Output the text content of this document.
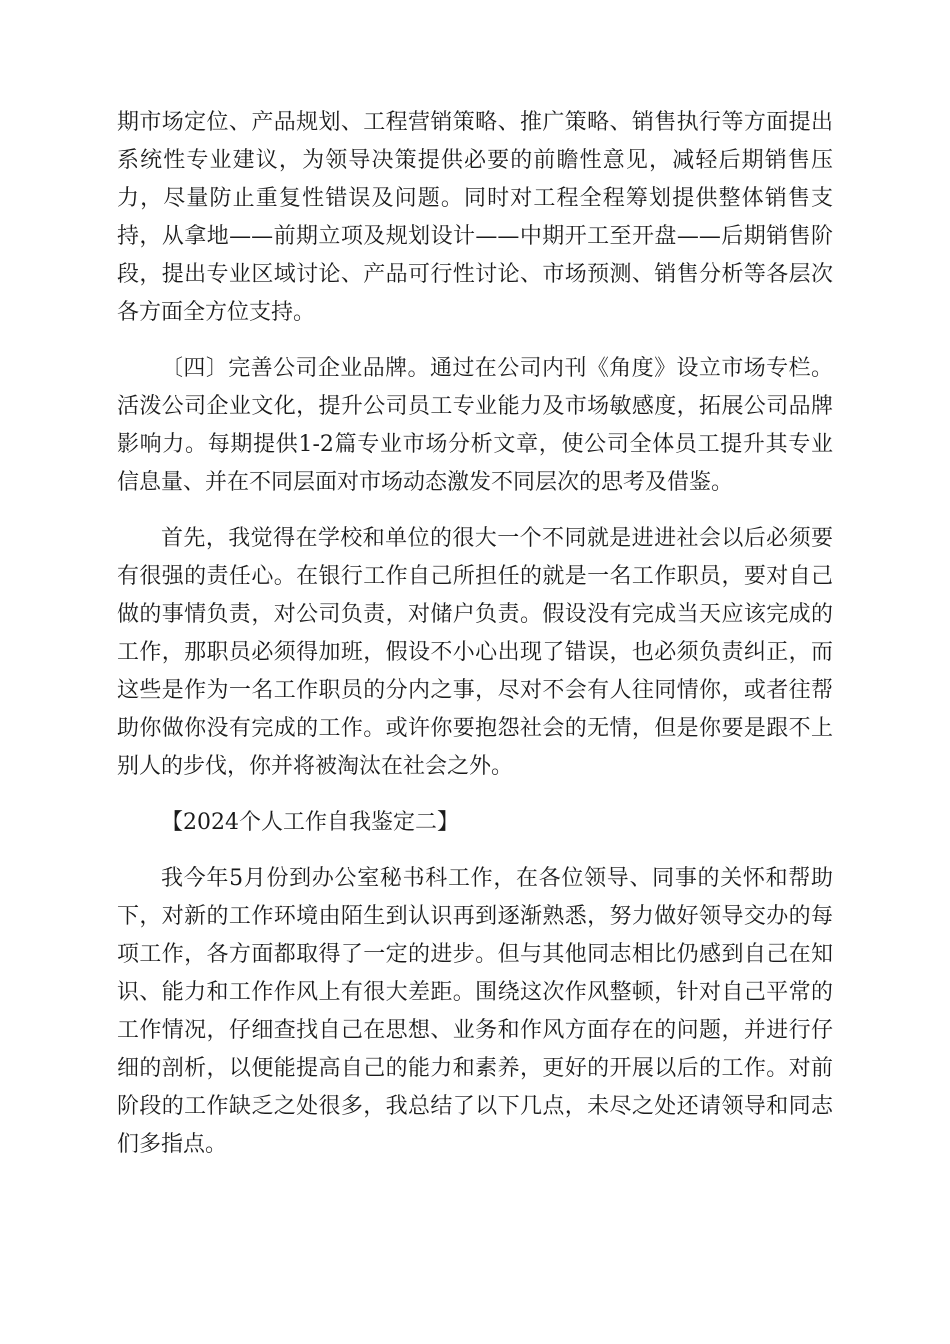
期市场定位、产品规划、工程营销策略、推广策略、销售执行等方面提出系统性专业建议，为领导决策提供必要的前瞻性意见，减轻后期销售压力，尽量防止重复性错误及问题。同时对工程全程筹划提供整体销售支持，从拿地——前期立项及规划设计——中期开工至开盘——后期销售阶段，提出专业区域讨论、产品可行性讨论、市场预测、销售分析等各层次各方面全方位支持。

〔四〕完善公司企业品牌。通过在公司内刊《角度》设立市场专栏。活泼公司企业文化，提升公司员工专业能力及市场敏感度，拓展公司品牌影响力。每期提供1-2篇专业市场分析文章，使公司全体员工提升其专业信息量、并在不同层面对市场动态激发不同层次的思考及借鉴。

首先，我觉得在学校和单位的很大一个不同就是进进社会以后必须要有很强的责任心。在银行工作自己所担任的就是一名工作职员，要对自己做的事情负责，对公司负责，对储户负责。假设没有完成当天应该完成的工作，那职员必须得加班，假设不小心出现了错误，也必须负责纠正，而这些是作为一名工作职员的分内之事，尽对不会有人往同情你，或者往帮助你做你没有完成的工作。或许你要抱怨社会的无情，但是你要是跟不上别人的步伐，你并将被淘汰在社会之外。

【2024个人工作自我鉴定二】

我今年5月份到办公室秘书科工作，在各位领导、同事的关怀和帮助下，对新的工作环境由陌生到认识再到逐渐熟悉，努力做好领导交办的每项工作，各方面都取得了一定的进步。但与其他同志相比仍感到自己在知识、能力和工作作风上有很大差距。围绕这次作风整顿，针对自己平常的工作情况，仔细查找自己在思想、业务和作风方面存在的问题，并进行仔细的剖析，以便能提高自己的能力和素养，更好的开展以后的工作。对前阶段的工作缺乏之处很多，我总结了以下几点，未尽之处还请领导和同志们多指点。
